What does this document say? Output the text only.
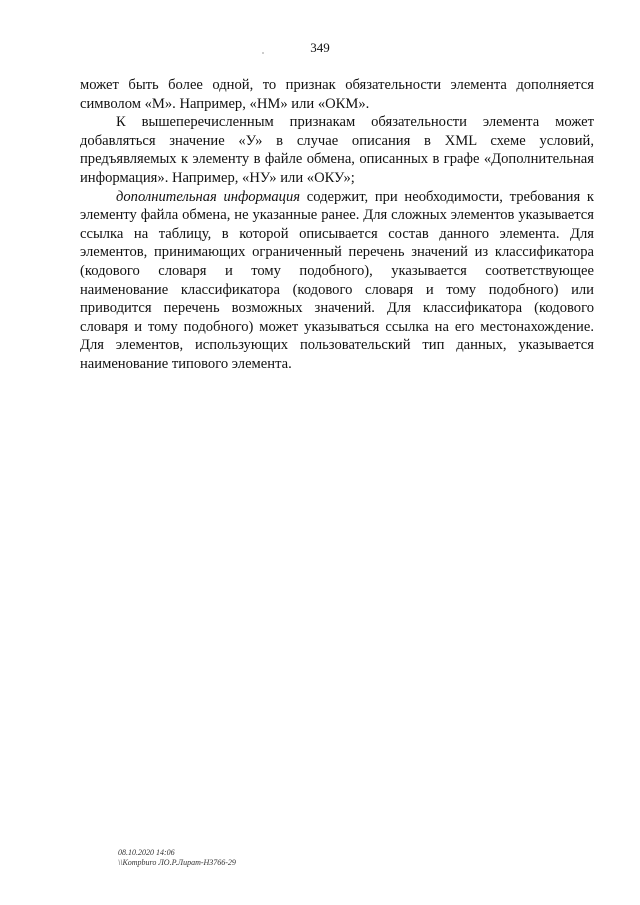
349

может быть более одной, то признак обязательности элемента дополняется символом «М». Например, «НМ» или «ОКМ».

К вышеперечисленным признакам обязательности элемента может добавляться значение «У» в случае описания в XML схеме условий, предъявляемых к элементу в файле обмена, описанных в графе «Дополнительная информация». Например, «НУ» или «ОКУ»;

дополнительная информация содержит, при необходимости, требования к элементу файла обмена, не указанные ранее. Для сложных элементов указывается ссылка на таблицу, в которой описывается состав данного элемента. Для элементов, принимающих ограниченный перечень значений из классификатора (кодового словаря и тому подобного), указывается соответствующее наименование классификатора (кодового словаря и тому подобного) или приводится перечень возможных значений. Для классификатора (кодового словаря и тому подобного) может указываться ссылка на его местонахождение. Для элементов, использующих пользовательский тип данных, указывается наименование типового элемента.

08.10.2020 14:06
\\Kompburo ЛО.Р.Лират-НЗ766-29
